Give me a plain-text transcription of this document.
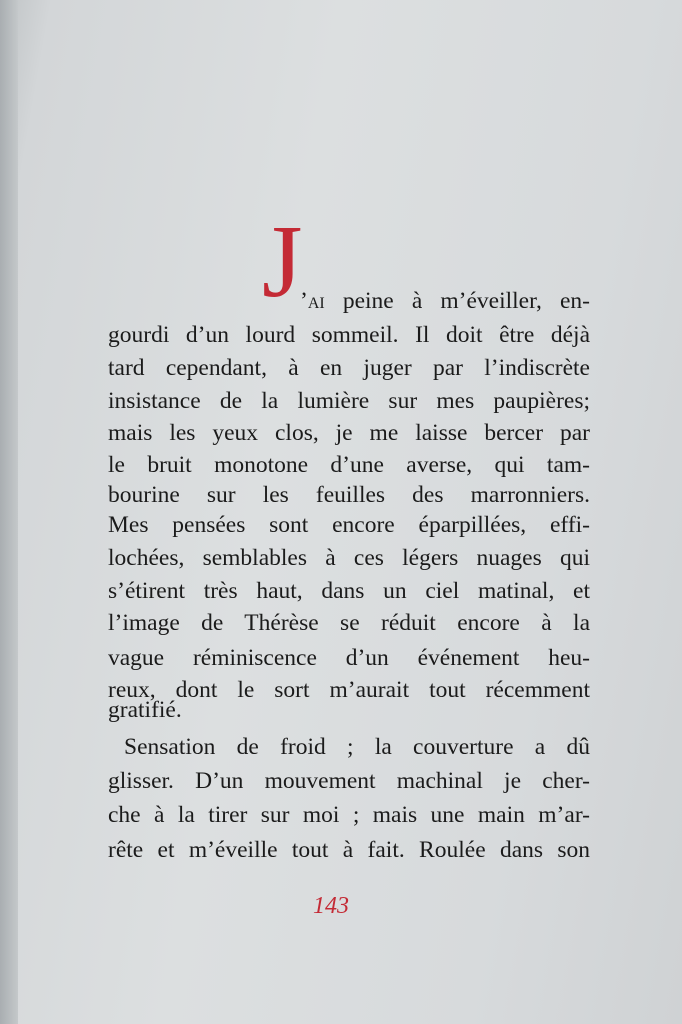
J
’ai peine à m’éveiller, en-
gourdi d’un lourd sommeil. Il doit être déjà
tard cependant, à en juger par l’indiscrète
insistance de la lumière sur mes paupières;
mais les yeux clos, je me laisse bercer par
le bruit monotone d’une averse, qui tam-
bourine sur les feuilles des marronniers.
Mes pensées sont encore éparpillées, effi-
lochées, semblables à ces légers nuages qui
s’étirent très haut, dans un ciel matinal, et
l’image de Thérèse se réduit encore à la
vague réminiscence d’un événement heu-
reux, dont le sort m’aurait tout récemment
gratifié.
Sensation de froid ; la couverture a dû
glisser. D’un mouvement machinal je cher-
che à la tirer sur moi ; mais une main m’ar-
rête et m’éveille tout à fait. Roulée dans son
143
